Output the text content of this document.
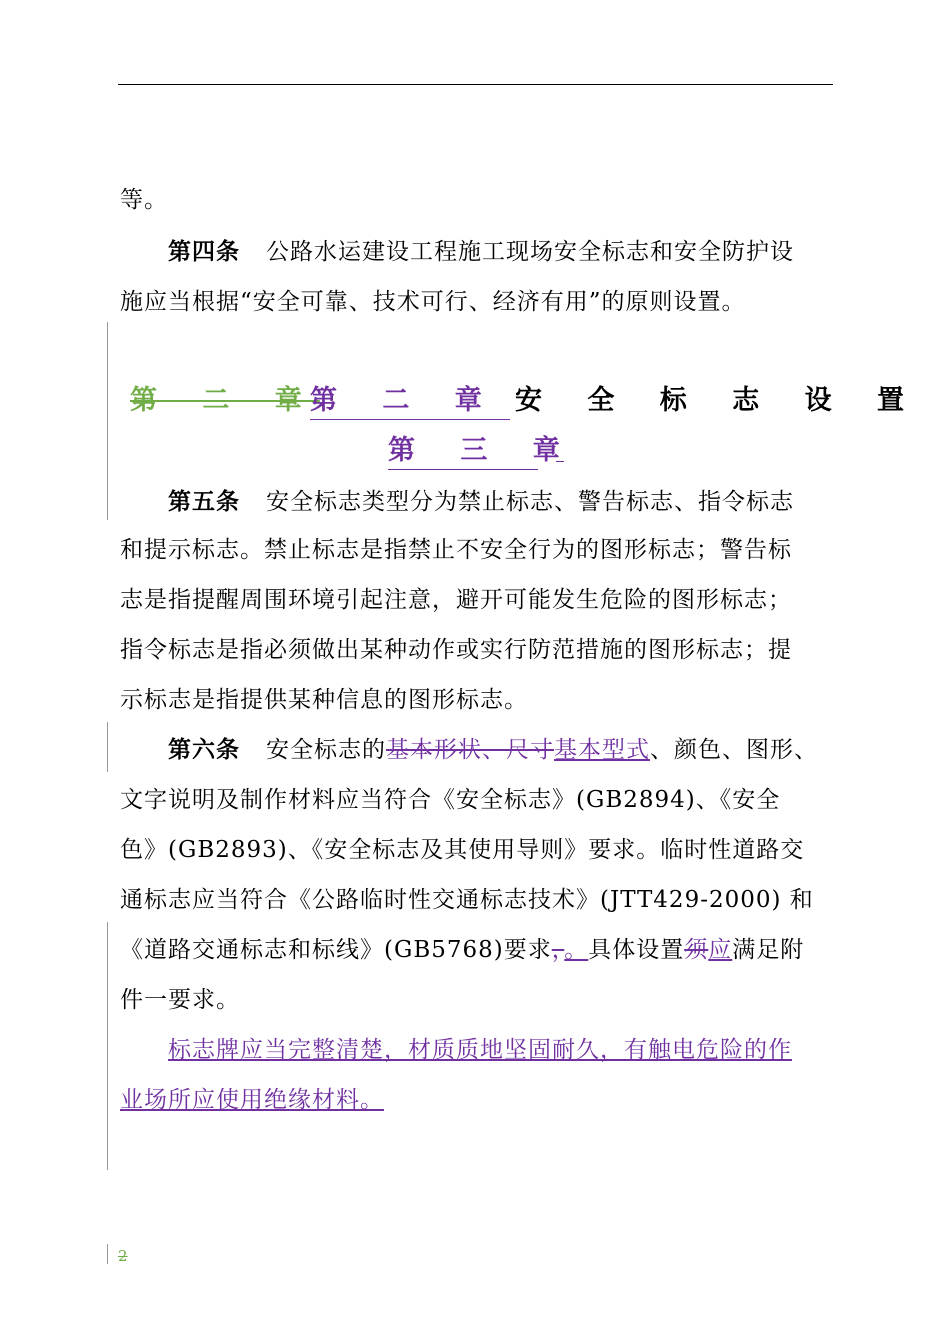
等。
第四条 公路水运建设工程施工现场安全标志和安全防护设
施应当根据“安全可靠、技术可行、经济有用”的原则设置。
第 二 章
第 二 章 安 全 标 志 设 置
第 三 章
第五条 安全标志类型分为禁止标志、警告标志、指令标志
和提示标志。禁止标志是指禁止不安全行为的图形标志；警告标
志是指提醒周围环境引起注意，避开可能发生危险的图形标志；
指令标志是指必须做出某种动作或实行防范措施的图形标志；提
示标志是指提供某种信息的图形标志。
第六条 安全标志的基本形状、尺寸基本型式、颜色、图形、
文字说明及制作材料应当符合《安全标志》(GB2894)、《安全
色》(GB2893)、《安全标志及其使用导则》要求。临时性道路交
通标志应当符合《公路临时性交通标志技术》(JTT429-2000) 和
《道路交通标志和标线》(GB5768)要求，。具体设置须应满足附
件一要求。
标志牌应当完整清楚，材质质地坚固耐久，有触电危险的作
业场所应使用绝缘材料。
2
